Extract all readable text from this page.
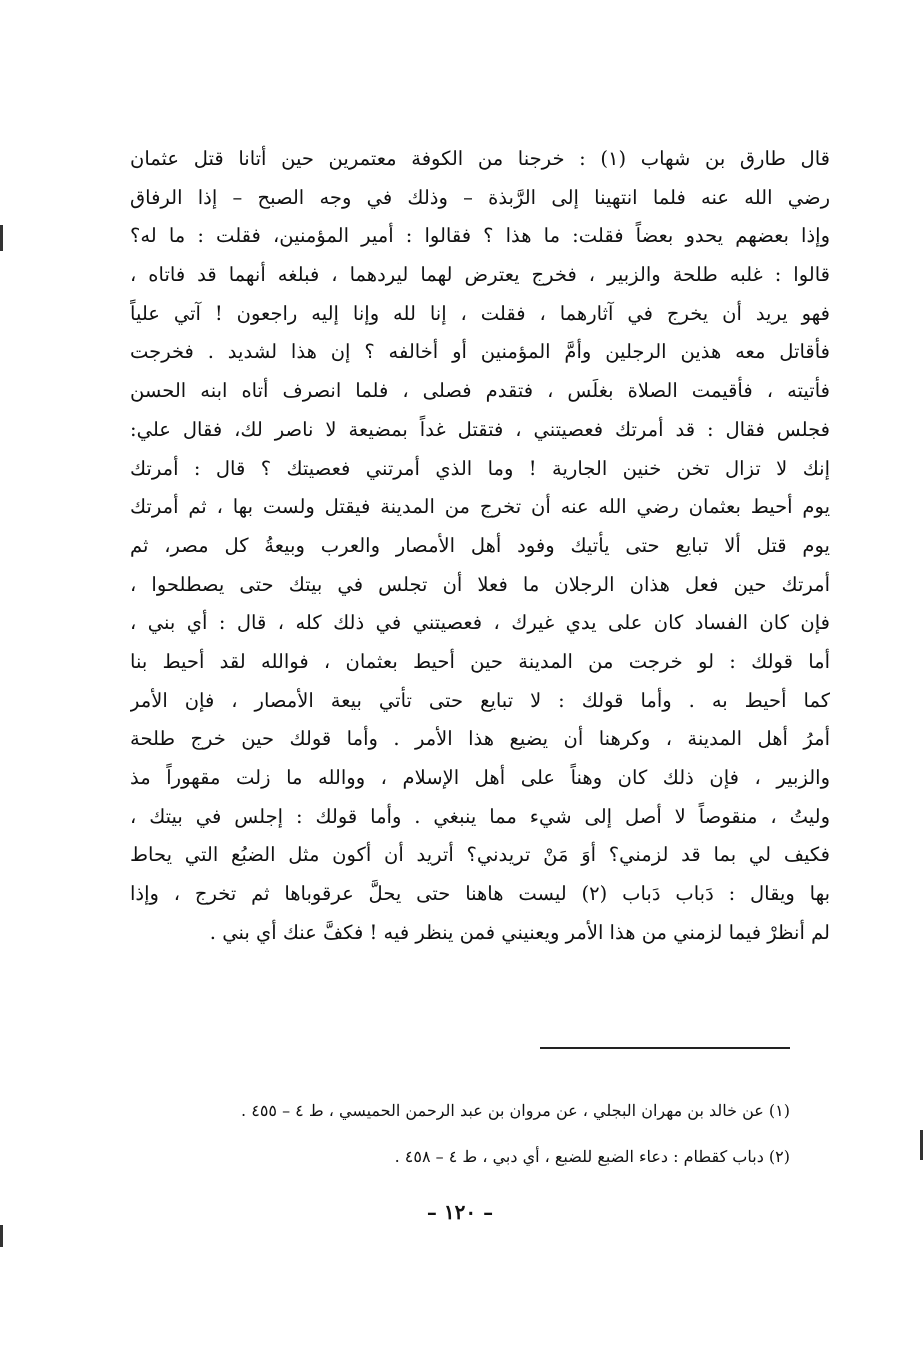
قال طارق بن شهاب (١) : خرجنا من الكوفة معتمرين حين أتانا قتل عثمان
رضي الله عنه فلما انتهينا إلى الرَّبذة – وذلك في وجه الصبح – إذا الرفاق
وإذا بعضهم يحدو بعضاً فقلت: ما هذا ؟ فقالوا : أمير المؤمنين، فقلت : ما له؟
قالوا : غلبه طلحة والزبير ، فخرج يعترض لهما ليردهما ، فبلغه أنهما قد فاتاه ،
فهو يريد أن يخرج في آثارهما ، فقلت ، إنا لله وإنا إليه راجعون ! آتي علياً
فأقاتل معه هذين الرجلين وأمَّ المؤمنين أو أخالفه ؟ إن هذا لشديد . فخرجت
فأتيته ، فأقيمت الصلاة بغلَس ، فتقدم فصلى ، فلما انصرف أتاه ابنه الحسن
فجلس فقال : قد أمرتك فعصيتني ، فتقتل غداً بمضيعة لا ناصر لك، فقال علي:
إنك لا تزال تخن خنين الجارية ! وما الذي أمرتني فعصيتك ؟ قال : أمرتك
يوم أحيط بعثمان رضي الله عنه أن تخرج من المدينة فيقتل ولست بها ، ثم أمرتك
يوم قتل ألا تبايع حتى يأتيك وفود أهل الأمصار والعرب وبيعةُ كل مصر، ثم
أمرتك حين فعل هذان الرجلان ما فعلا أن تجلس في بيتك حتى يصطلحوا ،
فإن كان الفساد كان على يدي غيرك ، فعصيتني في ذلك كله ، قال : أي بني ،
أما قولك : لو خرجت من المدينة حين أحيط بعثمان ، فوالله لقد أحيط بنا
كما أحيط به . وأما قولك : لا تبايع حتى تأتي بيعة الأمصار ، فإن الأمر
أمرُ أهل المدينة ، وكرهنا أن يضيع هذا الأمر . وأما قولك حين خرج طلحة
والزبير ، فإن ذلك كان وهناً على أهل الإسلام ، ووالله ما زلت مقهوراً مذ
وليتُ ، منقوصاً لا أصل إلى شيء مما ينبغي . وأما قولك : إجلس في بيتك ،
فكيف لي بما قد لزمني؟ أوَ مَنْ تريدني؟ أتريد أن أكون مثل الضبُع التي يحاط
بها ويقال : دَباب دَباب (٢) ليست هاهنا حتى يحلَّ عرقوباها ثم تخرج ، وإذا
لم أنظرْ فيما لزمني من هذا الأمر ويعنيني فمن ينظر فيه ! فكفَّ عنك أي بني .
(١) عن خالد بن مهران البجلي ، عن مروان بن عبد الرحمن الحميسي ، ط ٤ – ٤٥٥ .
(٢) دباب كقطام : دعاء الضبع للضبع ، أي دبي ، ط ٤ – ٤٥٨ .
– ١٢٠ –
